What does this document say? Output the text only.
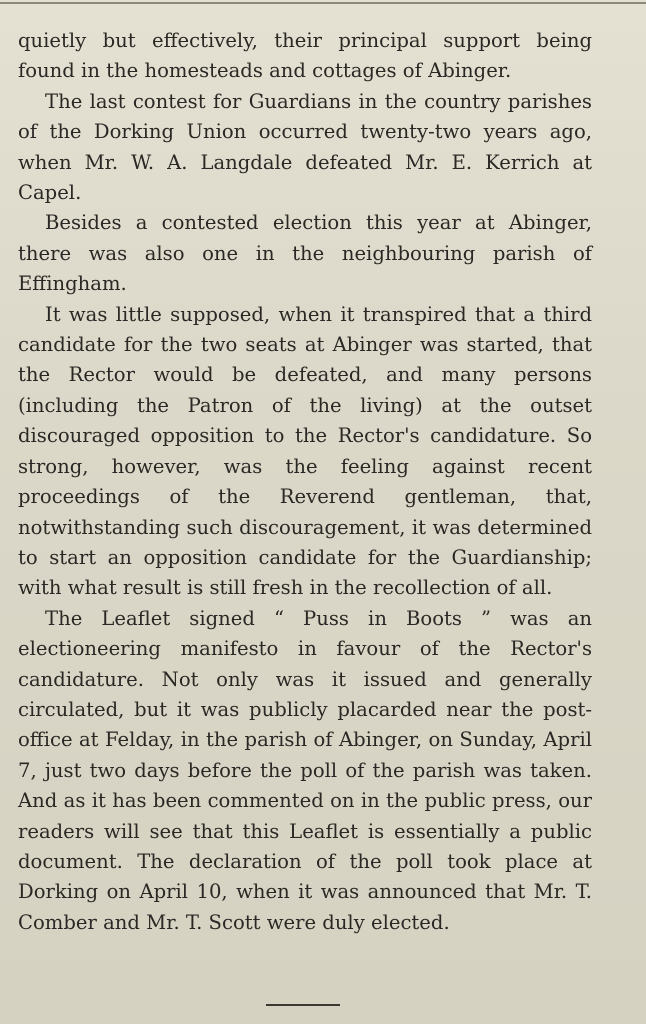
quietly but effectively, their principal support being found in the homesteads and cottages of Abinger.

The last contest for Guardians in the country parishes of the Dorking Union occurred twenty-two years ago, when Mr. W. A. Langdale defeated Mr. E. Kerrich at Capel.

Besides a contested election this year at Abinger, there was also one in the neighbouring parish of Effingham.

It was little supposed, when it transpired that a third candidate for the two seats at Abinger was started, that the Rector would be defeated, and many persons (including the Patron of the living) at the outset discouraged opposition to the Rector's candidature. So strong, however, was the feeling against recent proceedings of the Reverend gentleman, that, notwithstanding such discouragement, it was determined to start an opposition candidate for the Guardianship; with what result is still fresh in the recollection of all.

The Leaflet signed “ Puss in Boots ” was an electioneering manifesto in favour of the Rector's candidature. Not only was it issued and generally circulated, but it was publicly placarded near the post-office at Felday, in the parish of Abinger, on Sunday, April 7, just two days before the poll of the parish was taken. And as it has been commented on in the public press, our readers will see that this Leaflet is essentially a public document. The declaration of the poll took place at Dorking on April 10, when it was announced that Mr. T. Comber and Mr. T. Scott were duly elected.
